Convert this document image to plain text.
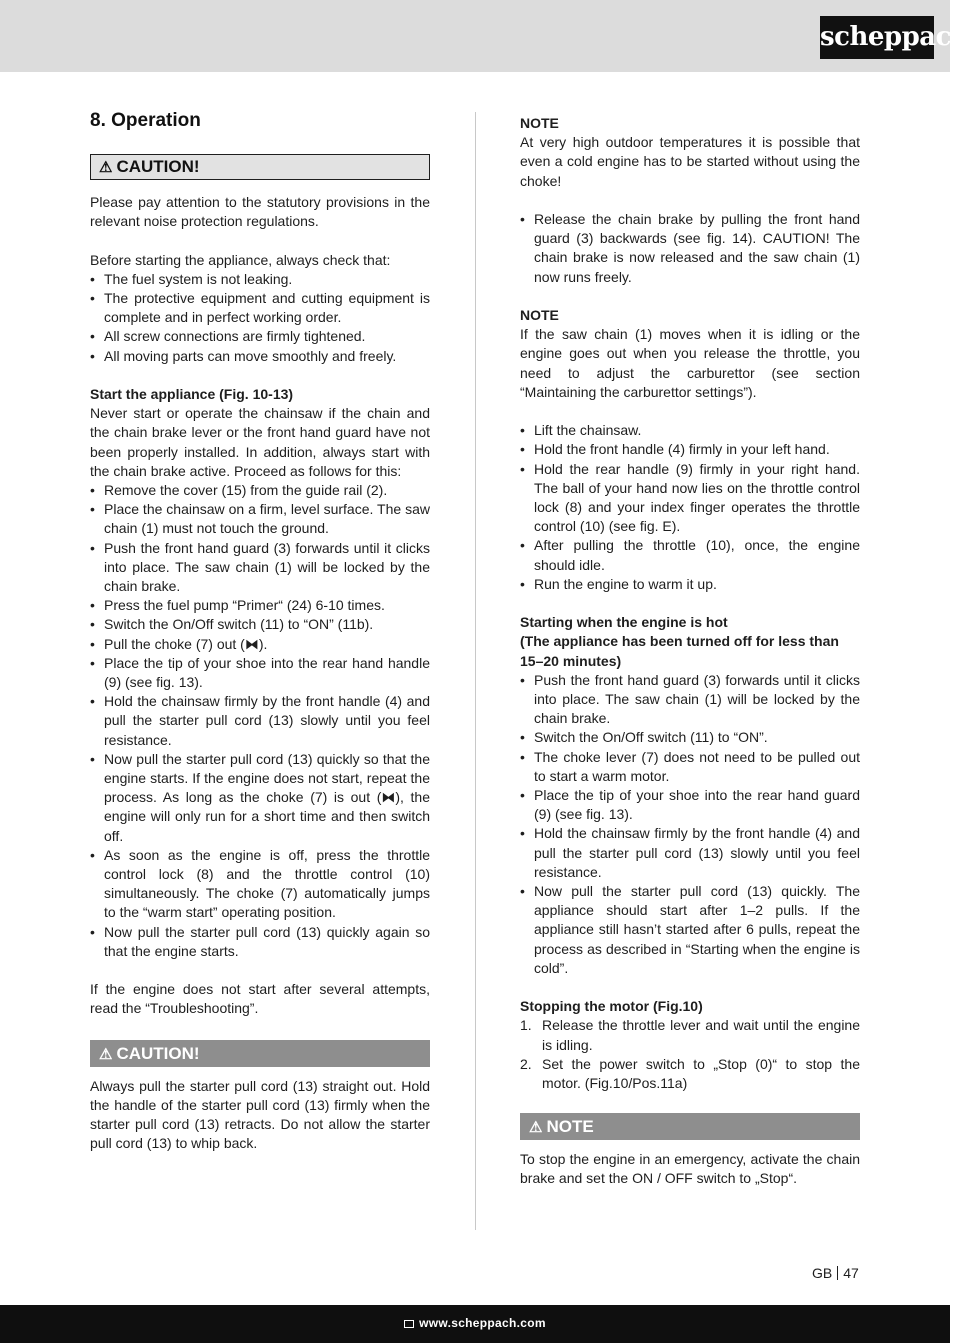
scheppach
8. Operation
⚠ CAUTION!

Please pay attention to the statutory provisions in the relevant noise protection regulations.

Before starting the appliance, always check that:

• The fuel system is not leaking.
• The protective equipment and cutting equipment is complete and in perfect working order.
• All screw connections are firmly tightened.
• All moving parts can move smoothly and freely.

Start the appliance (Fig. 10-13)

Never start or operate the chainsaw if the chain and the chain brake lever or the front hand guard have not been properly installed. In addition, always start with the chain brake active. Proceed as follows for this:

• Remove the cover (15) from the guide rail (2).
• Place the chainsaw on a firm, level surface. The saw chain (1) must not touch the ground.
• Push the front hand guard (3) forwards until it clicks into place. The saw chain (1) will be locked by the chain brake.
• Press the fuel pump “Primer“ (24) 6-10 times.
• Switch the On/Off switch (11) to “ON” (11b).
• Pull the choke (7) out (⧓).
• Place the tip of your shoe into the rear hand handle (9) (see fig. 13).
• Hold the chainsaw firmly by the front handle (4) and pull the starter pull cord (13) slowly until you feel resistance.
• Now pull the starter pull cord (13) quickly so that the engine starts. If the engine does not start, repeat the process. As long as the choke (7) is out (⧓), the engine will only run for a short time and then switch off.
• As soon as the engine is off, press the throttle control lock (8) and the throttle control (10) simultaneously. The choke (7) automatically jumps to the “warm start” operating position.
• Now pull the starter pull cord (13) quickly again so that the engine starts.

If the engine does not start after several attempts, read the “Troubleshooting”.

⚠ CAUTION!

Always pull the starter pull cord (13) straight out. Hold the handle of the starter pull cord (13) firmly when the starter pull cord (13) retracts. Do not allow the starter pull cord (13) to whip back.

NOTE

At very high outdoor temperatures it is possible that even a cold engine has to be started without using the choke!

• Release the chain brake by pulling the front hand guard (3) backwards (see fig. 14). CAUTION! The chain brake is now released and the saw chain (1) now runs freely.

NOTE

If the saw chain (1) moves when it is idling or the engine goes out when you release the throttle, you need to adjust the carburettor (see section “Maintaining the carburettor settings”).

• Lift the chainsaw.
• Hold the front handle (4) firmly in your left hand.
• Hold the rear handle (9) firmly in your right hand. The ball of your hand now lies on the throttle control lock (8) and your index finger operates the throttle control (10) (see fig. E).
• After pulling the throttle (10), once, the engine should idle.
• Run the engine to warm it up.

Starting when the engine is hot

(The appliance has been turned off for less than 15–20 minutes)

• Push the front hand guard (3) forwards until it clicks into place. The saw chain (1) will be locked by the chain brake.
• Switch the On/Off switch (11) to “ON”.
• The choke lever (7) does not need to be pulled out to start a warm motor.
• Place the tip of your shoe into the rear hand guard (9) (see fig. 13).
• Hold the chainsaw firmly by the front handle (4) and pull the starter pull cord (13) slowly until you feel resistance.
• Now pull the starter pull cord (13) quickly. The appliance should start after 1–2 pulls. If the appliance still hasn’t started after 6 pulls, repeat the process as described in “Starting when the engine is cold”.

Stopping the motor (Fig.10)

1. Release the throttle lever and wait until the engine is idling.
2. Set the power switch to „Stop (0)“ to stop the motor. (Fig.10/Pos.11a)
⚠ NOTE

To stop the engine in an emergency, activate the chain brake and set the ON / OFF switch to „Stop“.

GB 47
www.scheppach.com
